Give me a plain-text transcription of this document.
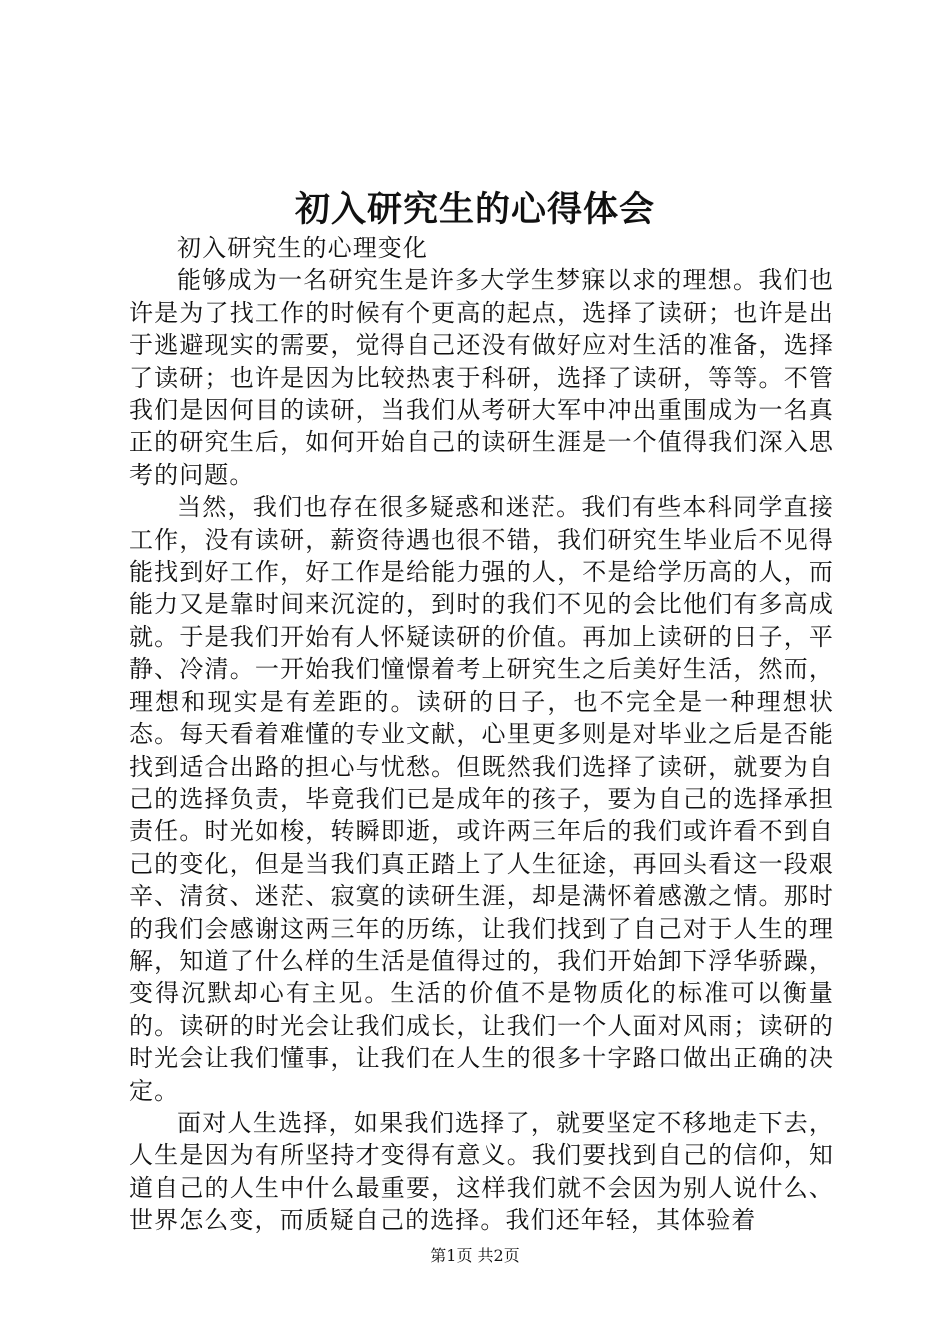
初入研究生的心得体会

初入研究生的心理变化

能够成为一名研究生是许多大学生梦寐以求的理想。我们也许是为了找工作的时候有个更高的起点，选择了读研；也许是出于逃避现实的需要，觉得自己还没有做好应对生活的准备，选择了读研；也许是因为比较热衷于科研，选择了读研，等等。不管我们是因何目的读研，当我们从考研大军中冲出重围成为一名真正的研究生后，如何开始自己的读研生涯是一个值得我们深入思考的问题。

当然，我们也存在很多疑惑和迷茫。我们有些本科同学直接工作，没有读研，薪资待遇也很不错，我们研究生毕业后不见得能找到好工作，好工作是给能力强的人，不是给学历高的人，而能力又是靠时间来沉淀的，到时的我们不见的会比他们有多高成就。于是我们开始有人怀疑读研的价值。再加上读研的日子，平静、冷清。一开始我们憧憬着考上研究生之后美好生活，然而，理想和现实是有差距的。读研的日子，也不完全是一种理想状态。每天看着难懂的专业文献，心里更多则是对毕业之后是否能找到适合出路的担心与忧愁。但既然我们选择了读研，就要为自己的选择负责，毕竟我们已是成年的孩子，要为自己的选择承担责任。时光如梭，转瞬即逝，或许两三年后的我们或许看不到自己的变化，但是当我们真正踏上了人生征途，再回头看这一段艰辛、清贫、迷茫、寂寞的读研生涯，却是满怀着感激之情。那时的我们会感谢这两三年的历练，让我们找到了自己对于人生的理解，知道了什么样的生活是值得过的，我们开始卸下浮华骄躁，变得沉默却心有主见。生活的价值不是物质化的标准可以衡量的。读研的时光会让我们成长，让我们一个人面对风雨；读研的时光会让我们懂事，让我们在人生的很多十字路口做出正确的决定。

面对人生选择，如果我们选择了，就要坚定不移地走下去，人生是因为有所坚持才变得有意义。我们要找到自己的信仰，知道自己的人生中什么最重要，这样我们就不会因为别人说什么、世界怎么变，而质疑自己的选择。我们还年轻，其体验着

第1页 共2页
